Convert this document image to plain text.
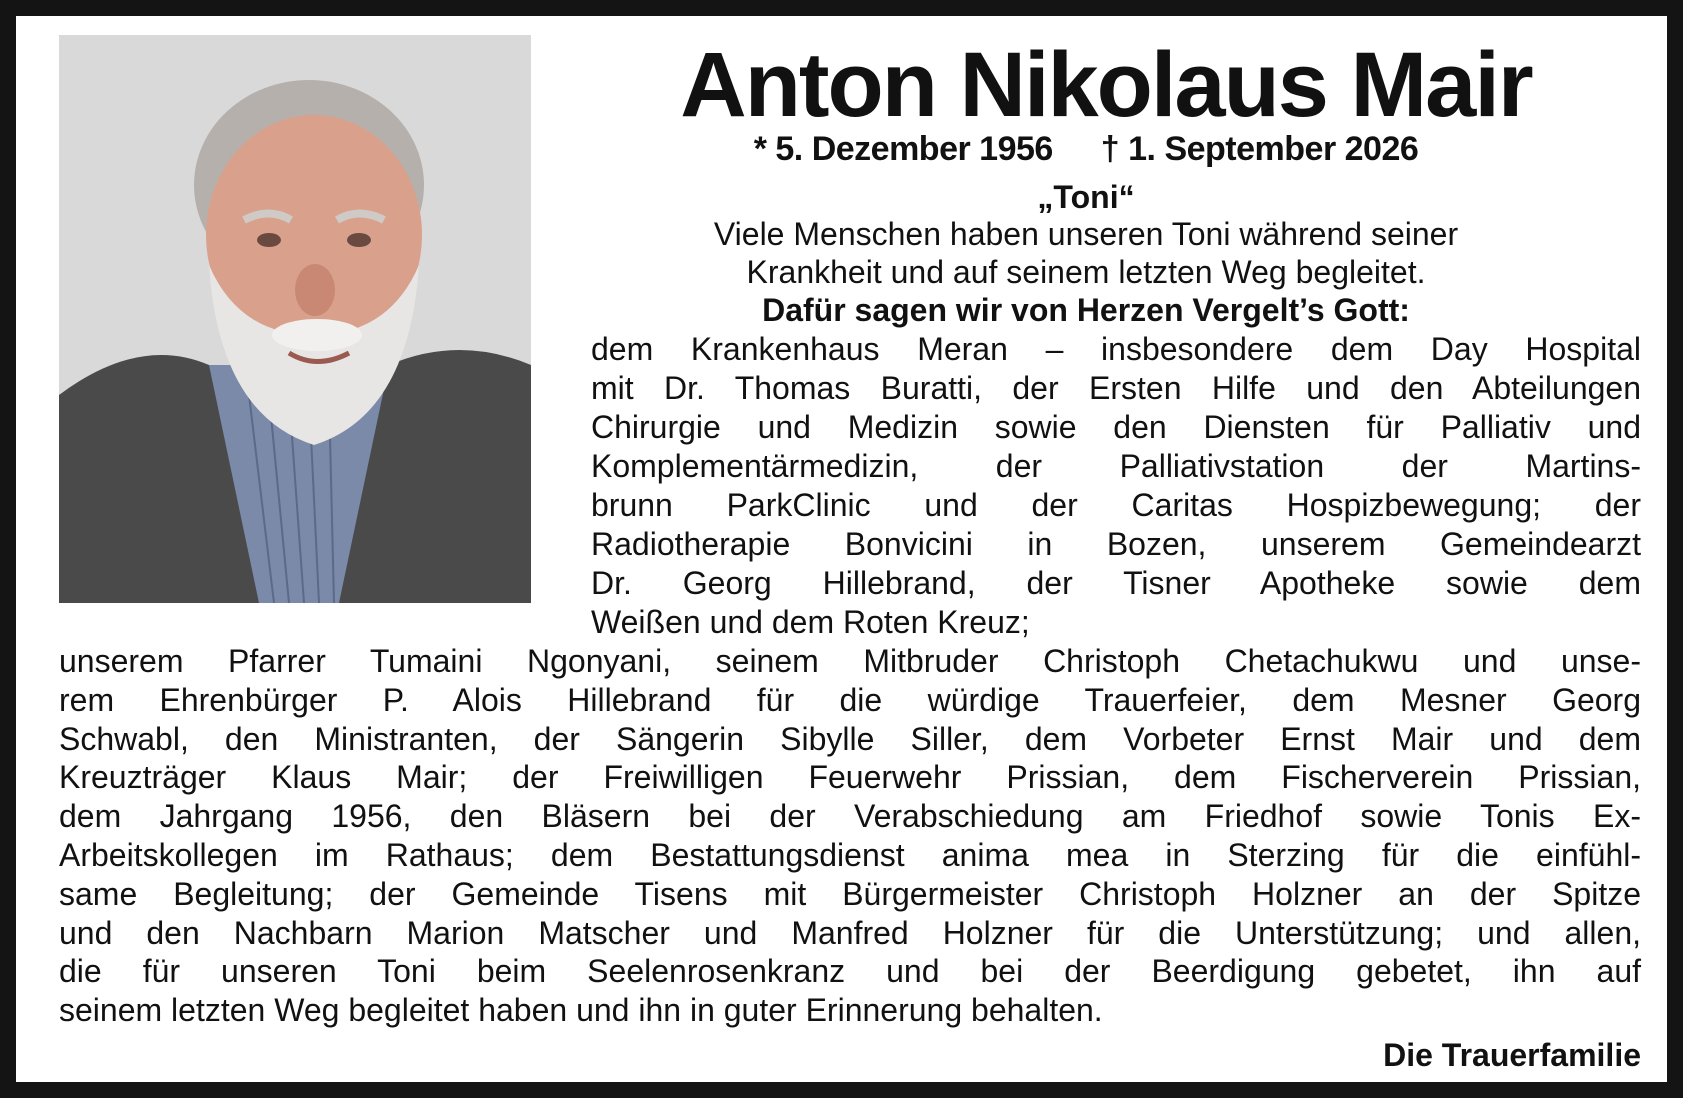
Anton Nikolaus Mair
* 5. Dezember 1956 † 1. September 2026
„Toni“
Viele Menschen haben unseren Toni während seiner
Krankheit und auf seinem letzten Weg begleitet.
Dafür sagen wir von Herzen Vergelt’s Gott:
dem Krankenhaus Meran – insbesondere dem Day Hospital
mit Dr. Thomas Buratti, der Ersten Hilfe und den Abteilungen
Chirurgie und Medizin sowie den Diensten für Palliativ und
Komplementärmedizin, der Palliativstation der Martins-
brunn ParkClinic und der Caritas Hospizbewegung; der
Radiotherapie Bonvicini in Bozen, unserem Gemeindearzt
Dr. Georg Hillebrand, der Tisner Apotheke sowie dem
Weißen und dem Roten Kreuz;
unserem Pfarrer Tumaini Ngonyani, seinem Mitbruder Christoph Chetachukwu und unse-
rem Ehrenbürger P. Alois Hillebrand für die würdige Trauerfeier, dem Mesner Georg
Schwabl, den Ministranten, der Sängerin Sibylle Siller, dem Vorbeter Ernst Mair und dem
Kreuzträger Klaus Mair; der Freiwilligen Feuerwehr Prissian, dem Fischerverein Prissian,
dem Jahrgang 1956, den Bläsern bei der Verabschiedung am Friedhof sowie Tonis Ex-
Arbeitskollegen im Rathaus; dem Bestattungsdienst anima mea in Sterzing für die einfühl-
same Begleitung; der Gemeinde Tisens mit Bürgermeister Christoph Holzner an der Spitze
und den Nachbarn Marion Matscher und Manfred Holzner für die Unterstützung; und allen,
die für unseren Toni beim Seelenrosenkranz und bei der Beerdigung gebetet, ihn auf
seinem letzten Weg begleitet haben und ihn in guter Erinnerung behalten.
Die Trauerfamilie
